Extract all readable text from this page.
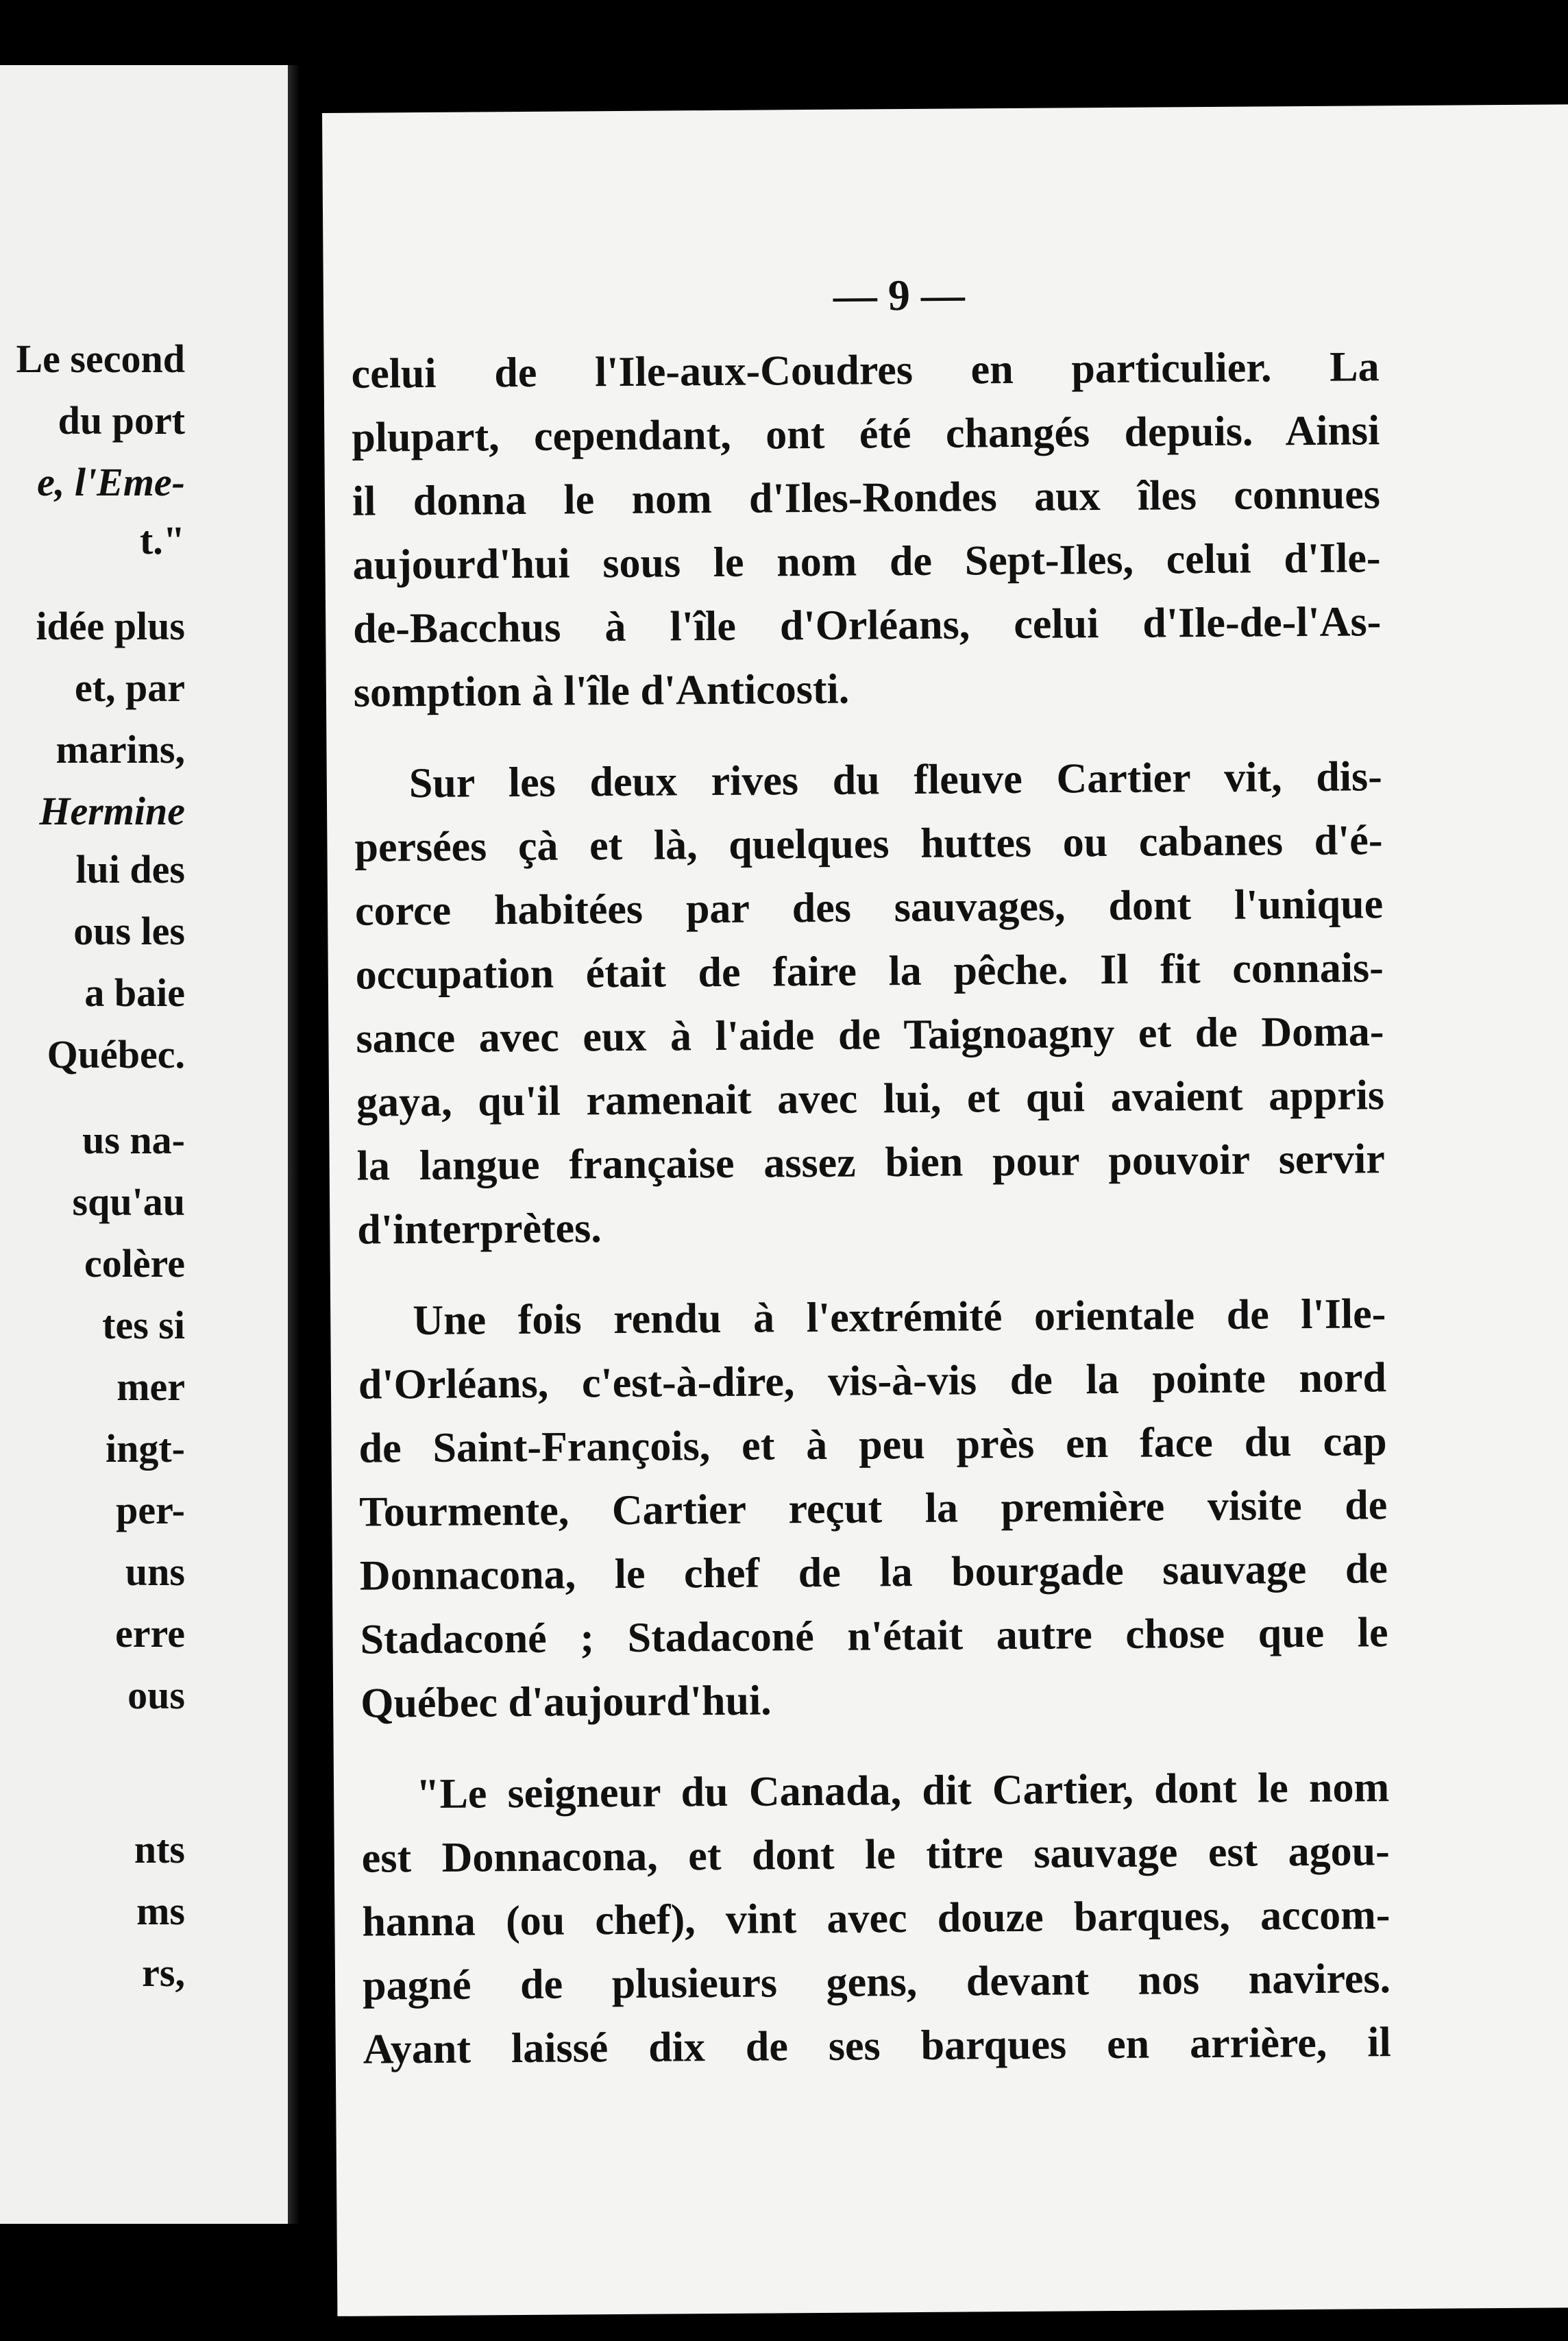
Le second
du port
e, l'Eme-
t."
idée plus
et, par
marins,
Hermine
lui des
ous les
a baie
Québec.
us na-
squ'au
colère
tes si
mer
ingt-
per-
uns
erre
ous
nts
ms
rs,
— 9 —
celui de l'Ile-aux-Coudres en particulier. La
plupart, cependant, ont été changés depuis. Ainsi
il donna le nom d'Iles-Rondes aux îles connues
aujourd'hui sous le nom de Sept-Iles, celui d'Ile-
de-Bacchus à l'île d'Orléans, celui d'Ile-de-l'As-
somption à l'île d'Anticosti.
Sur les deux rives du fleuve Cartier vit, dis-
persées çà et là, quelques huttes ou cabanes d'é-
corce habitées par des sauvages, dont l'unique
occupation était de faire la pêche. Il fit connais-
sance avec eux à l'aide de Taignoagny et de Doma-
gaya, qu'il ramenait avec lui, et qui avaient appris
la langue française assez bien pour pouvoir servir
d'interprètes.
Une fois rendu à l'extrémité orientale de l'Ile-
d'Orléans, c'est-à-dire, vis-à-vis de la pointe nord
de Saint-François, et à peu près en face du cap
Tourmente, Cartier reçut la première visite de
Donnacona, le chef de la bourgade sauvage de
Stadaconé ; Stadaconé n'était autre chose que le
Québec d'aujourd'hui.
"Le seigneur du Canada, dit Cartier, dont le nom
est Donnacona, et dont le titre sauvage est agou-
hanna (ou chef), vint avec douze barques, accom-
pagné de plusieurs gens, devant nos navires.
Ayant laissé dix de ses barques en arrière, il
